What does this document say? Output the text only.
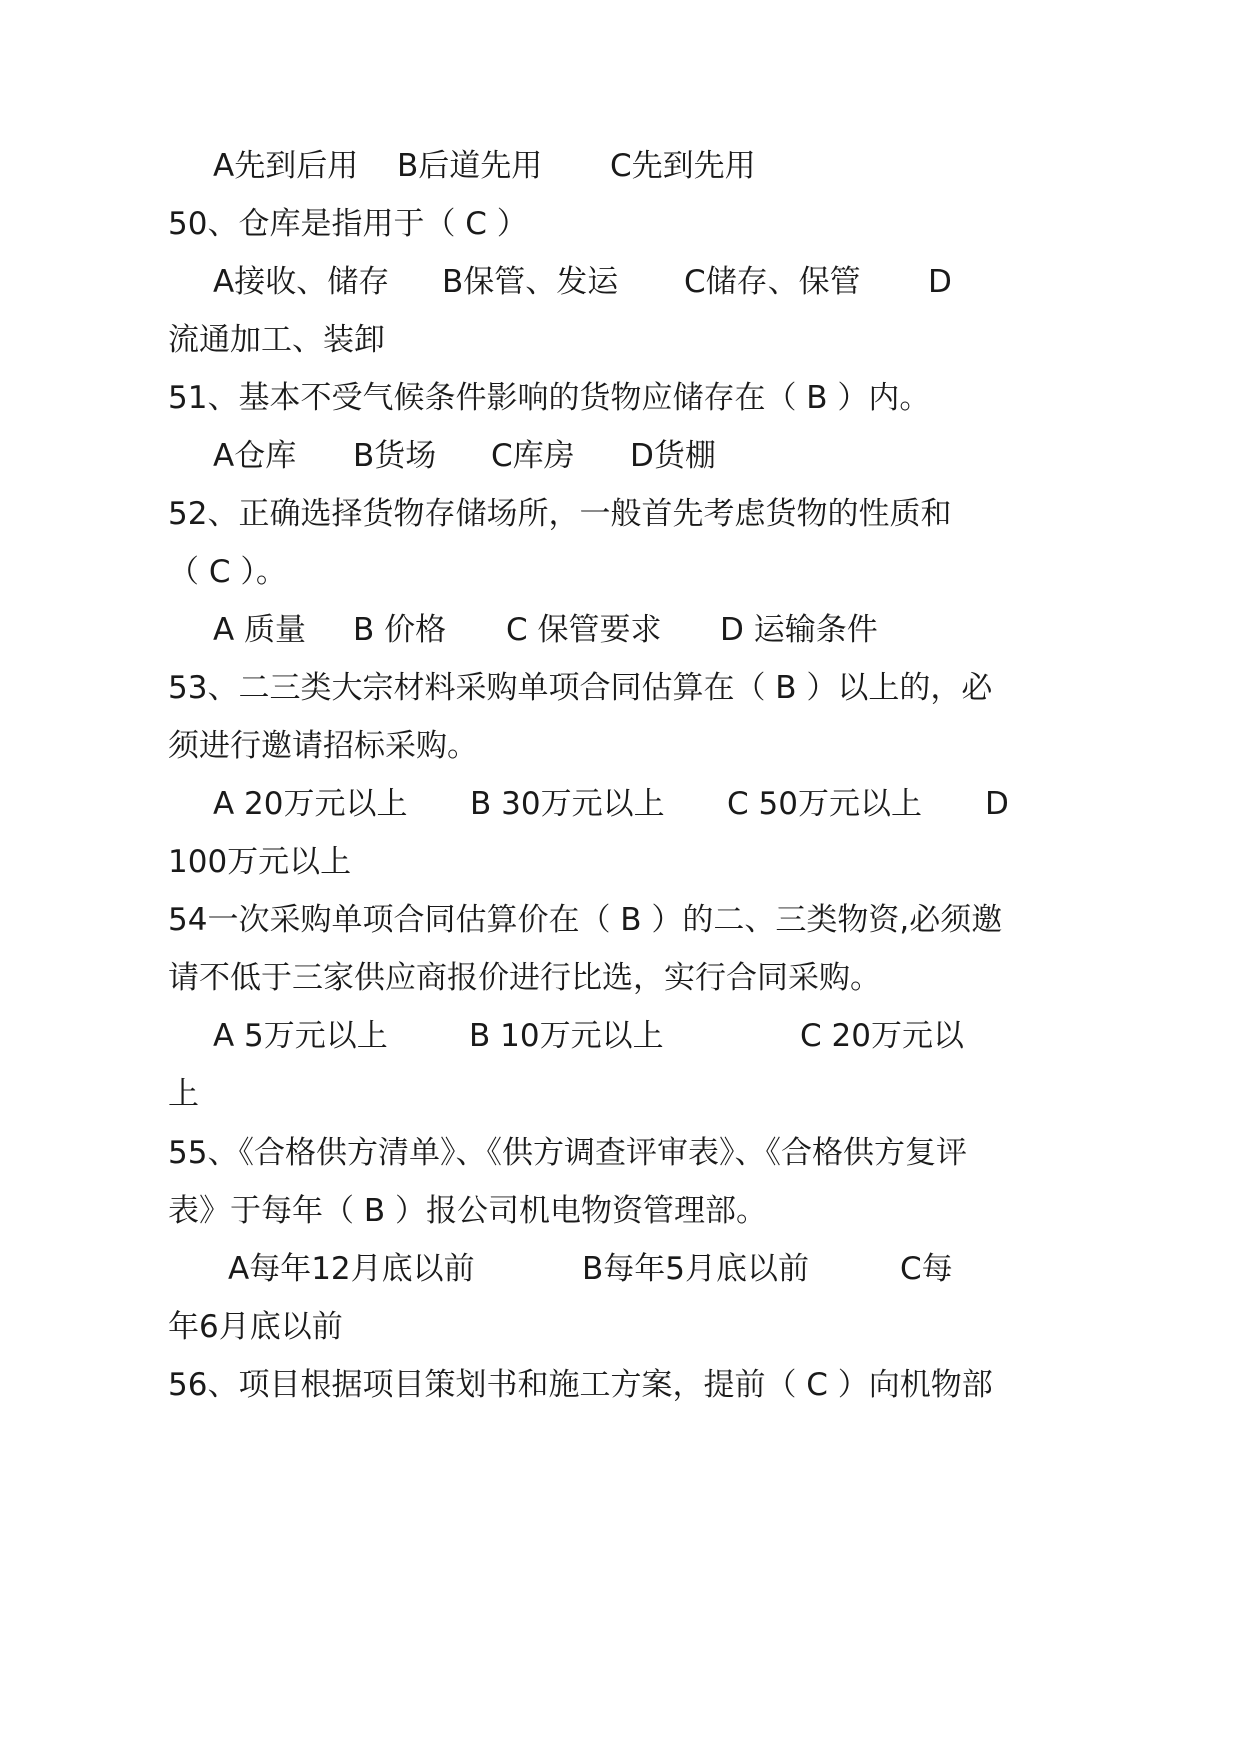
A先到后用 B后道先用 C先到先用
50、仓库是指用于（ C ）
A接收、储存 B保管、发运 C储存、保管 D
流通加工、装卸
51、基本不受气候条件影响的货物应储存在（ B ）内。
A仓库 B货场 C库房 D货棚
52、正确选择货物存储场所，一般首先考虑货物的性质和
（ C ）。
A 质量 B 价格 C 保管要求 D 运输条件
53、二三类大宗材料采购单项合同估算在（ B ）以上的，必
须进行邀请招标采购。
A 20万元以上 B 30万元以上 C 50万元以上 D
100万元以上
54一次采购单项合同估算价在（ B ）的二、三类物资,必须邀
请不低于三家供应商报价进行比选，实行合同采购。
A 5万元以上	B 10万元以上	C 20万元以
上
55、《合格供方清单》、《供方调查评审表》、《合格供方复评
表》于每年（ B ）报公司机电物资管理部。
A每年12月底以前	B每年5月底以前	C每
年6月底以前
56、项目根据项目策划书和施工方案，提前（ C ）向机物部
